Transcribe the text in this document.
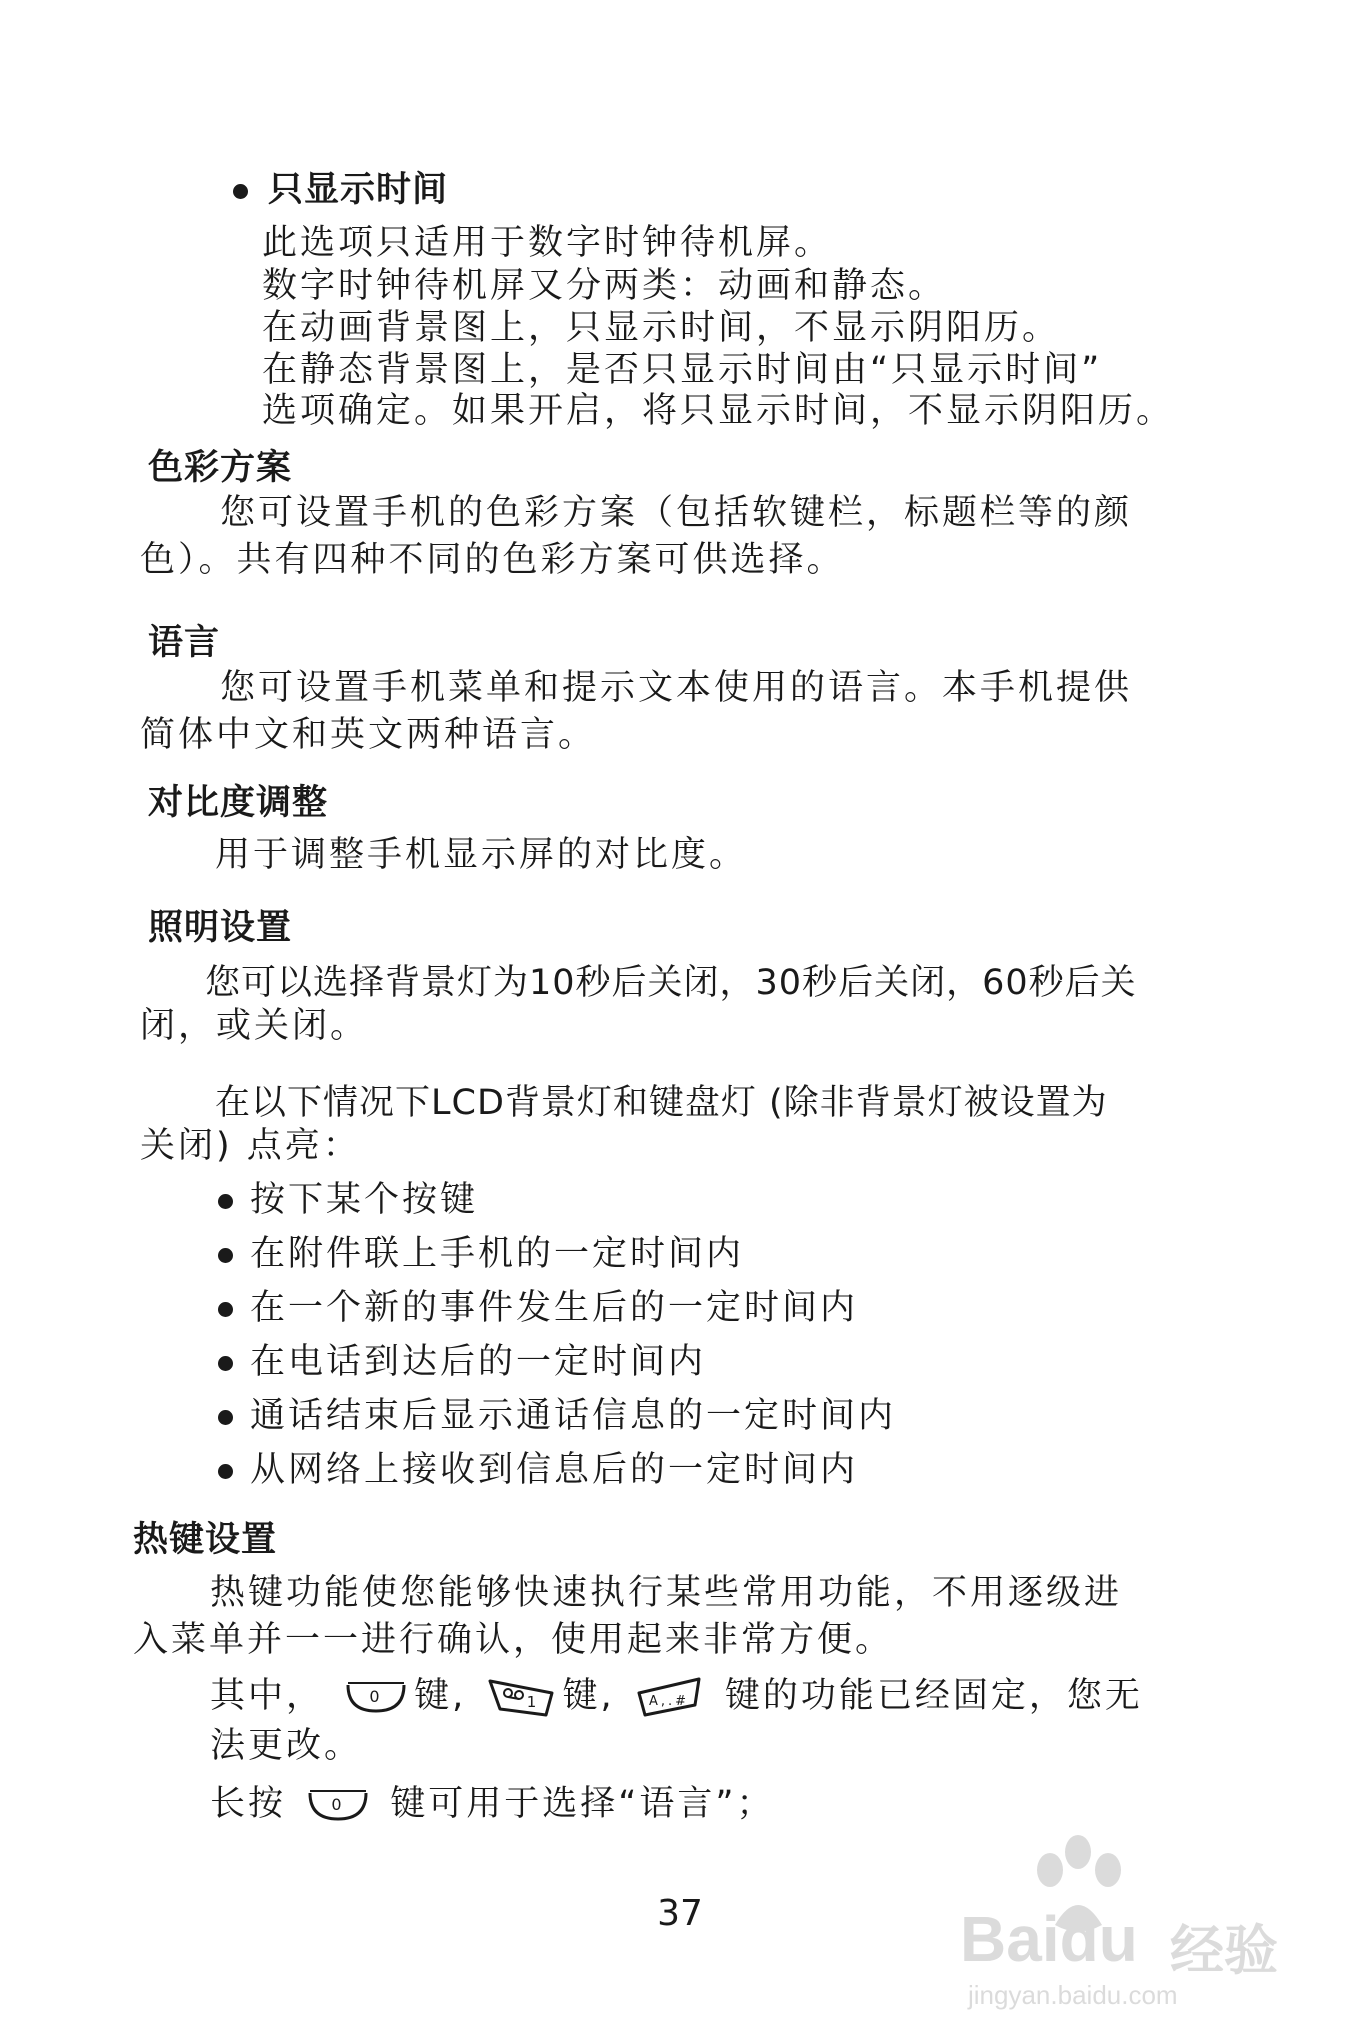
只显示时间
此选项只适用于数字时钟待机屏。
数字时钟待机屏又分两类：动画和静态。
在动画背景图上，只显示时间，不显示阴阳历。
在静态背景图上，是否只显示时间由“只显示时间”
选项确定。如果开启，将只显示时间，不显示阴阳历。
色彩方案
您可设置手机的色彩方案（包括软键栏，标题栏等的颜
色）。共有四种不同的色彩方案可供选择。
语言
您可设置手机菜单和提示文本使用的语言。本手机提供
简体中文和英文两种语言。
对比度调整
用于调整手机显示屏的对比度。
照明设置
您可以选择背景灯为10秒后关闭，30秒后关闭，60秒后关
闭，或关闭。
在以下情况下LCD背景灯和键盘灯 (除非背景灯被设置为
关闭) 点亮：
按下某个按键
在附件联上手机的一定时间内
在一个新的事件发生后的一定时间内
在电话到达后的一定时间内
通话结束后显示通话信息的一定时间内
从网络上接收到信息后的一定时间内
热键设置
热键功能使您能够快速执行某些常用功能，不用逐级进
入菜单并一一进行确认，使用起来非常方便。
其中，	0 键,	1 键,	A,.# 键的功能已经固定，您无
法更改。
长按	0 键可用于选择“语言”；
37	Baidu 经验
jingyan.baidu.com
